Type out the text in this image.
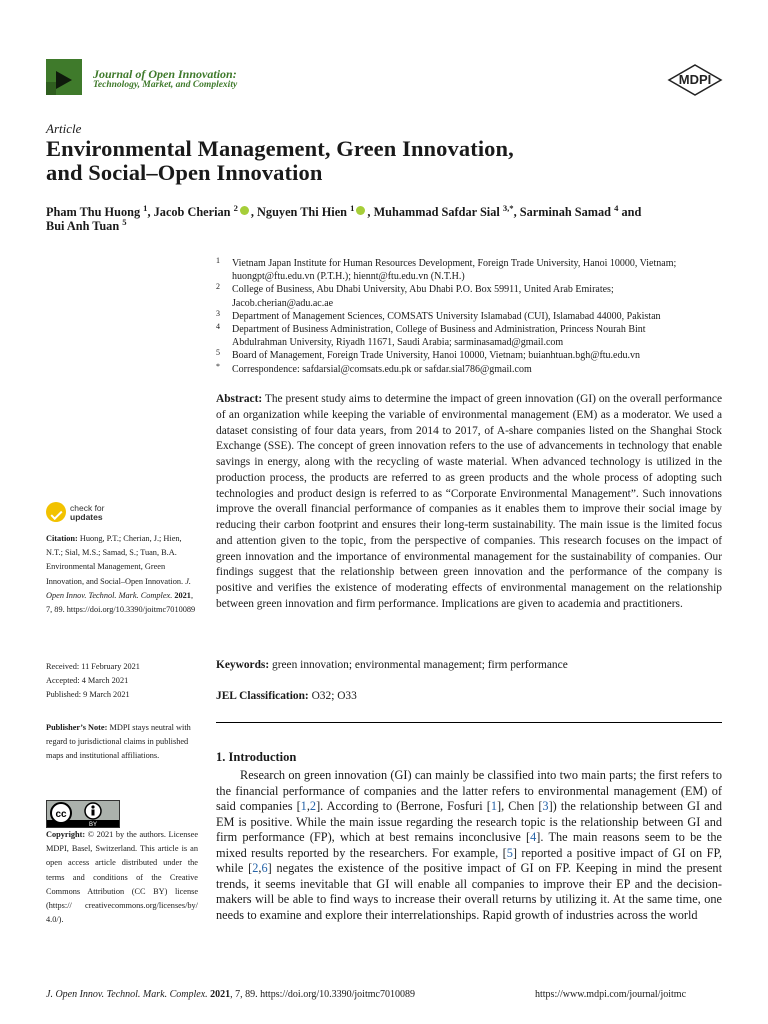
Journal of Open Innovation:
Technology, Market, and Complexity	MDPI
Article
Environmental Management, Green Innovation,
and Social–Open Innovation
Pham Thu Huong $^1$, Jacob Cherian $^2$ , Nguyen Thi Hien $^1$ , Muhammad Safdar Sial $^{3,*}$, Sarminah Samad $^4$ and
Bui Anh Tuan $^5$
1 Vietnam Japan Institute for Human Resources Development, Foreign Trade University, Hanoi 10000, Vietnam;
huongpt@ftu.edu.vn (P.T.H.); hiennt@ftu.edu.vn (N.T.H.)
2 College of Business, Abu Dhabi University, Abu Dhabi P.O. Box 59911, United Arab Emirates;
Jacob.cherian@adu.ac.ae
3 Department of Management Sciences, COMSATS University Islamabad (CUI), Islamabad 44000, Pakistan
4 Department of Business Administration, College of Business and Administration, Princess Nourah Bint
Abdulrahman University, Riyadh 11671, Saudi Arabia; sarminasamad@gmail.com
5 Board of Management, Foreign Trade University, Hanoi 10000, Vietnam; buianhtuan.bgh@ftu.edu.vn
* Correspondence: safdarsial@comsats.edu.pk or safdar.sial786@gmail.com
Abstract: The present study aims to determine the impact of green innovation (GI) on the overall performance of an organization while keeping the variable of environmental management (EM) as a moderator. We used a dataset consisting of four data years, from 2014 to 2017, of A-share companies listed on the Shanghai Stock Exchange (SSE). The concept of green innovation refers to the use of advancements in technology that enable savings in energy, along with the recycling of waste material. When advanced technology is utilized in the production process, the products are referred to as green products and the whole process of adopting such technologies and product design is referred to as “Corporate Environmental Management”. Such innovations improve the overall financial performance of companies as it enables them to improve their social image by reducing their carbon footprint and ensures their long-term sustainability. The main issue is the limited focus and attention given to the topic, from the perspective of companies. This research focuses on the impact of green innovation and the importance of environmental management for the sustainability of companies. Our findings suggest that the relationship between green innovation and the performance of the company is positive and verifies the existence of moderating effects of environmental management on the relationship between green innovation and firm performance. Implications are given to academia and practitioners.
Keywords: green innovation; environmental management; firm performance
JEL Classification: O32; O33
1. Introduction
Research on green innovation (GI) can mainly be classified into two main parts; the first refers to the financial performance of companies and the latter refers to environmental management (EM) of said companies [1,2]. According to (Berrone, Fosfuri [1], Chen [3]) the relationship between GI and EM is positive. While the main issue regarding the research topic is the relationship between GI and firm performance (FP), which at best remains inconclusive [4]. The main reasons seem to be the mixed results reported by the researchers. For example, [5] reported a positive impact of GI on FP, while [2,6] negates the existence of the positive impact of GI on FP. Keeping in mind the present trends, it seems inevitable that GI will enable all companies to improve their EP and the decision-makers will be able to find ways to increase their overall returns by utilizing it. At the same time, one needs to examine and explore their interrelationships. Rapid growth of industries across the world
check for
updates
Citation: Huong, P.T.; Cherian, J.; Hien, N.T.; Sial, M.S.; Samad, S.; Tuan, B.A. Environmental Management, Green Innovation, and Social–Open Innovation. J. Open Innov. Technol. Mark. Complex. 2021, 7, 89. https://doi.org/10.3390/joitmc7010089
Received: 11 February 2021
Accepted: 4 March 2021
Published: 9 March 2021
Publisher’s Note: MDPI stays neutral with regard to jurisdictional claims in published maps and institutional affiliations.
cc
BY
Copyright: © 2021 by the authors. Licensee MDPI, Basel, Switzerland. This article is an open access article distributed under the terms and conditions of the Creative Commons Attribution (CC BY) license (https:// creativecommons.org/licenses/by/ 4.0/).
J. Open Innov. Technol. Mark. Complex. 2021, 7, 89. https://doi.org/10.3390/joitmc7010089	https://www.mdpi.com/journal/joitmc
